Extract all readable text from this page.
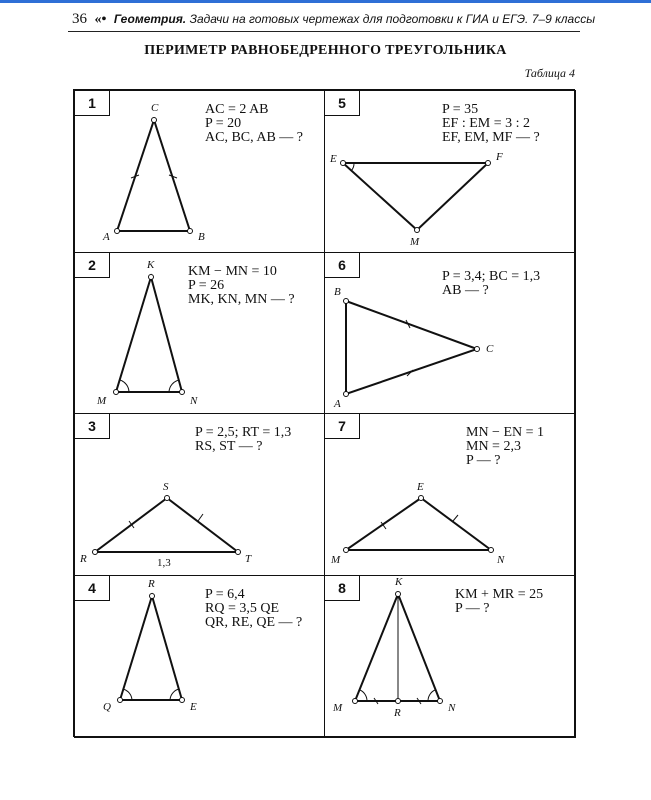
36 «• Геометрия. Задачи на готовых чертежах для подготовки к ГИА и ЕГЭ. 7–9 классы
ПЕРИМЕТР РАВНОБЕДРЕННОГО ТРЕУГОЛЬНИКА
Таблица 4
1	AC = 2 AB
P = 20
AC, BC, AB — ?
C
A	B
5	P = 35
EF : EM = 3 : 2
EF, EM, MF — ?
E	F
M
2	KM − MN = 10
P = 26
MK, KN, MN — ?
K
M	N
6
P = 3,4; BC = 1,3
AB — ?
B
C
A
3	P = 2,5; RT = 1,3
RS, ST — ?
S
R	T
1,3
7	MN − EN = 1
MN = 2,3
P — ?
E
M	N
4	P = 6,4
RQ = 3,5 QE
QR, RE, QE — ?
R
Q	E
8	KM + MR = 25
P — ?
K
M	R	N
